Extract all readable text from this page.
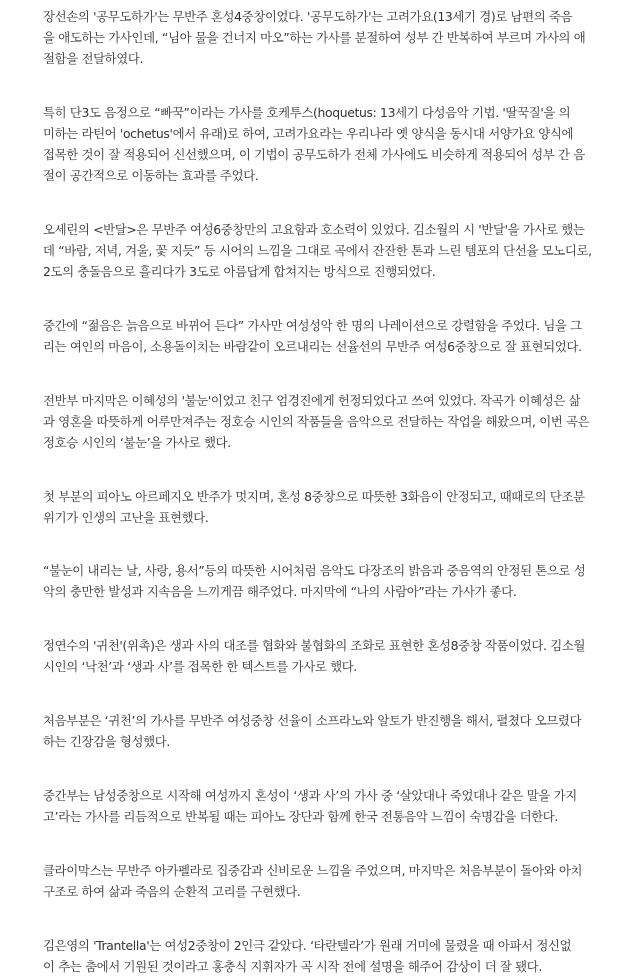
장선손의 '공무도하가'는 무반주 혼성4중창이었다. '공무도하가'는 고려가요(13세기 경)로 남편의 죽음
을 애도하는 가사인데, “님아 물을 건너지 마오”하는 가사를 분절하여 성부 간 반복하여 부르며 가사의 애
절함을 전달하였다.

특히 단3도 음정으로 “빠꾹”이라는 가사를 호케투스(hoquetus: 13세기 다성음악 기법. '딸꾹질'을 의
미하는 라틴어 'ochetus'에서 유래)로 하여, 고려가요라는 우리나라 옛 양식을 동시대 서양가요 양식에
접목한 것이 잘 적용되어 신선했으며, 이 기법이 공무도하가 전체 가사에도 비슷하게 적용되어 성부 간 음
절이 공간적으로 이동하는 효과를 주었다.

오세린의 <반달>은 무반주 여성6중창만의 고요함과 호소력이 있었다. 김소월의 시 '반달'을 가사로 했는
데 “바람, 저녁, 겨울, 꽃 지듯” 등 시어의 느낌을 그대로 곡에서 잔잔한 톤과 느린 템포의 단선율 모노디로,
2도의 충돌음으로 흘리다가 3도로 아름답게 합쳐지는 방식으로 진행되었다.

중간에 “젊음은 늙음으로 바뀌어 든다” 가사만 여성성악 한 명의 나레이션으로 강렬함을 주었다. 님을 그
리는 여인의 마음이, 소용돌이치는 바람같이 오르내리는 선율선의 무반주 여성6중창으로 잘 표현되었다.

전반부 마지막은 이혜성의 '불눈'이었고 친구 엄경진에게 헌정되었다고 쓰여 있었다. 작곡가 이혜성은 삶
과 영혼을 따뜻하게 어루만져주는 정호승 시인의 작품들을 음악으로 전달하는 작업을 해왔으며, 이번 곡은
정호승 시인의 ‘불눈’을 가사로 했다.

첫 부분의 피아노 아르페지오 반주가 멋지며, 혼성 8중창으로 따뜻한 3화음이 안정되고, 때때로의 단조분
위기가 인생의 고난을 표현했다.

“불눈이 내리는 날, 사랑, 용서”등의 따뜻한 시어처럼 음악도 다장조의 밝음과 중음역의 안정된 톤으로 성
악의 충만한 발성과 지속음을 느끼게끔 해주었다. 마지막에 “나의 사람아”라는 가사가 좋다.

정연수의 '귀천'(위촉)은 생과 사의 대조를 협화와 불협화의 조화로 표현한 혼성8중창 작품이었다. 김소월
시인의 ‘낙천’과 ‘생과 사’를 접목한 한 텍스트를 가사로 했다.

처음부분은 ‘귀천’의 가사를 무반주 여성중창 선율이 소프라노와 알토가 반진행을 해서, 펼쳤다 오므렸다
하는 긴장감을 형성했다.

중간부는 남성중창으로 시작해 여성까지 혼성이 ‘생과 사’의 가사 중 ‘살았대나 죽었대나 같은 말을 가지
고’라는 가사를 리듬적으로 반복될 때는 피아노 장단과 함께 한국 전통음악 느낌이 숙명감을 더한다.

클라이막스는 무반주 아카펠라로 집중감과 신비로운 느낌을 주었으며, 마지막은 처음부분이 돌아와 아치
구조로 하여 삶과 죽음의 순환적 고리를 구현했다.

김은영의 'Trantella'는 여성2중창이 2인극 같았다. ‘타란텔라’가 원래 거미에 물렸을 때 아파서 정신없
이 추는 춤에서 기원된 것이라고 홍충식 지휘자가 곡 시작 전에 설명을 해주어 감상이 더 잘 됐다.
